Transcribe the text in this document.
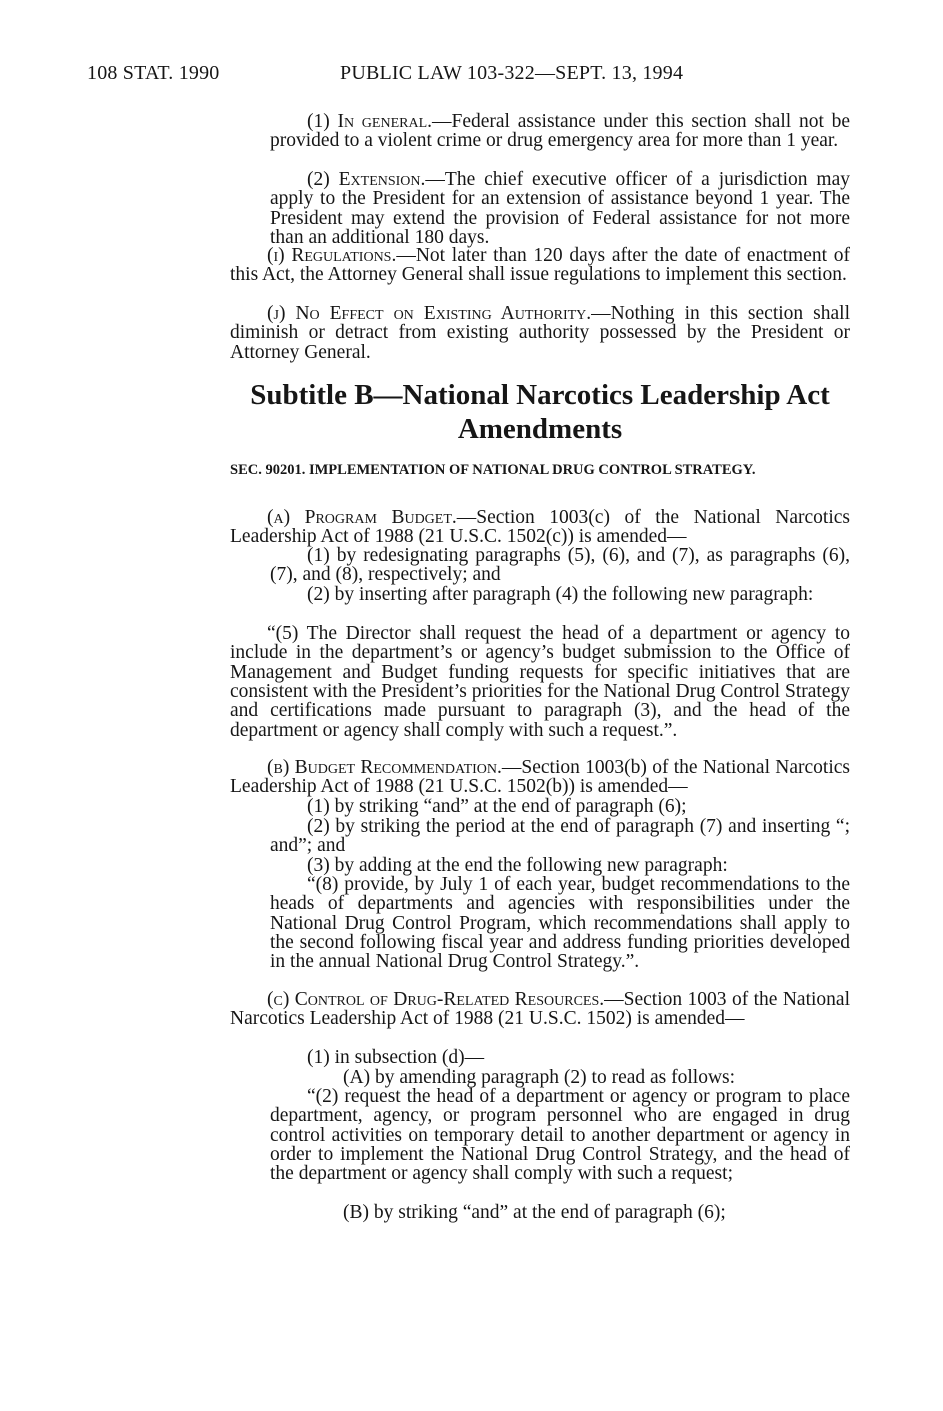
108 STAT. 1990	PUBLIC LAW 103-322—SEPT. 13, 1994

(1) In general.—Federal assistance under this section shall not be provided to a violent crime or drug emergency area for more than 1 year.

(2) Extension.—The chief executive officer of a jurisdiction may apply to the President for an extension of assistance beyond 1 year. The President may extend the provision of Federal assistance for not more than an additional 180 days.

(i) Regulations.—Not later than 120 days after the date of enactment of this Act, the Attorney General shall issue regulations to implement this section.

(j) No Effect on Existing Authority.—Nothing in this section shall diminish or detract from existing authority possessed by the President or Attorney General.

Subtitle B—National Narcotics Leadership Act Amendments
SEC. 90201. IMPLEMENTATION OF NATIONAL DRUG CONTROL STRATEGY.

(a) Program Budget.—Section 1003(c) of the National Narcotics Leadership Act of 1988 (21 U.S.C. 1502(c)) is amended—

(1) by redesignating paragraphs (5), (6), and (7), as paragraphs (6), (7), and (8), respectively; and

(2) by inserting after paragraph (4) the following new paragraph:

“(5) The Director shall request the head of a department or agency to include in the department’s or agency’s budget submission to the Office of Management and Budget funding requests for specific initiatives that are consistent with the President’s priorities for the National Drug Control Strategy and certifications made pursuant to paragraph (3), and the head of the department or agency shall comply with such a request.”.

(b) Budget Recommendation.—Section 1003(b) of the National Narcotics Leadership Act of 1988 (21 U.S.C. 1502(b)) is amended—

(1) by striking “and” at the end of paragraph (6);

(2) by striking the period at the end of paragraph (7) and inserting “; and”; and

(3) by adding at the end the following new paragraph:

“(8) provide, by July 1 of each year, budget recommendations to the heads of departments and agencies with responsibilities under the National Drug Control Program, which recommendations shall apply to the second following fiscal year and address funding priorities developed in the annual National Drug Control Strategy.”.

(c) Control of Drug-Related Resources.—Section 1003 of the National Narcotics Leadership Act of 1988 (21 U.S.C. 1502) is amended—

(1) in subsection (d)—

(A) by amending paragraph (2) to read as follows:

“(2) request the head of a department or agency or program to place department, agency, or program personnel who are engaged in drug control activities on temporary detail to another department or agency in order to implement the National Drug Control Strategy, and the head of the department or agency shall comply with such a request;

(B) by striking “and” at the end of paragraph (6);
